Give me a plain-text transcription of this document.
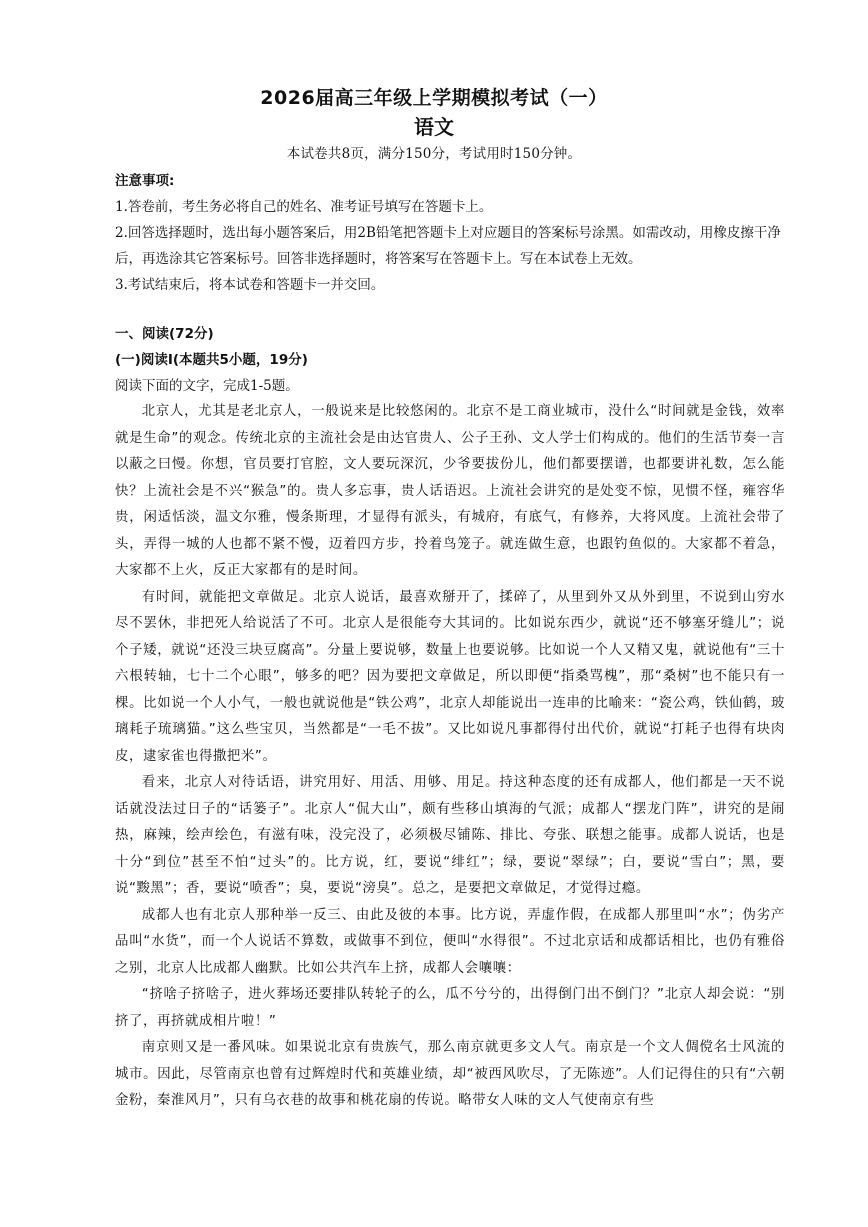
2026届高三年级上学期模拟考试（一）
语文
本试卷共8页，满分150分，考试用时150分钟。

注意事项:

1.答卷前，考生务必将自己的姓名、准考证号填写在答题卡上。

2.回答选择题时，选出每小题答案后，用2B铅笔把答题卡上对应题目的答案标号涂黑。如需改动，用橡皮擦干净后，再选涂其它答案标号。回答非选择题时，将答案写在答题卡上。写在本试卷上无效。

3.考试结束后，将本试卷和答题卡一并交回。

一、阅读(72分)

(一)阅读Ⅰ(本题共5小题，19分)

阅读下面的文字，完成1-5题。

北京人，尤其是老北京人，一般说来是比较悠闲的。北京不是工商业城市，没什么“时间就是金钱，效率就是生命”的观念。传统北京的主流社会是由达官贵人、公子王孙、文人学士们构成的。他们的生活节奏一言以蔽之曰慢。你想，官员要打官腔，文人要玩深沉，少爷要拔份儿，他们都要摆谱，也都要讲礼数，怎么能快？上流社会是不兴“猴急”的。贵人多忘事，贵人话语迟。上流社会讲究的是处变不惊，见惯不怪，雍容华贵，闲适恬淡，温文尔雅，慢条斯理，才显得有派头，有城府，有底气，有修养，大将风度。上流社会带了头，弄得一城的人也都不紧不慢，迈着四方步，拎着鸟笼子。就连做生意，也跟钓鱼似的。大家都不着急，大家都不上火，反正大家都有的是时间。

有时间，就能把文章做足。北京人说话，最喜欢掰开了，揉碎了，从里到外又从外到里，不说到山穷水尽不罢休，非把死人给说活了不可。北京人是很能夸大其词的。比如说东西少，就说“还不够塞牙缝儿”；说个子矮，就说“还没三块豆腐高”。分量上要说够，数量上也要说够。比如说一个人又精又鬼，就说他有“三十六根转轴，七十二个心眼”，够多的吧？因为要把文章做足，所以即便“指桑骂槐”，那“桑树”也不能只有一棵。比如说一个人小气，一般也就说他是“铁公鸡”，北京人却能说出一连串的比喻来：“瓷公鸡，铁仙鹤，玻璃耗子琉璃猫。”这么些宝贝，当然都是“一毛不拔”。又比如说凡事都得付出代价，就说“打耗子也得有块肉皮，逮家雀也得撒把米”。

看来，北京人对待话语，讲究用好、用活、用够、用足。持这种态度的还有成都人，他们都是一天不说话就没法过日子的“话篓子”。北京人“侃大山”，颇有些移山填海的气派；成都人“摆龙门阵”，讲究的是闹热，麻辣，绘声绘色，有滋有味，没完没了，必须极尽铺陈、排比、夸张、联想之能事。成都人说话，也是十分“到位”甚至不怕“过头”的。比方说，红，要说“绯红”；绿，要说“翠绿”；白，要说“雪白”；黑，要说“黢黑”；香，要说“喷香”；臭，要说“滂臭”。总之，是要把文章做足，才觉得过瘾。

成都人也有北京人那种举一反三、由此及彼的本事。比方说，弄虚作假，在成都人那里叫“水”；伪劣产品叫“水货”，而一个人说话不算数，或做事不到位，便叫“水得很”。不过北京话和成都话相比，也仍有雅俗之别，北京人比成都人幽默。比如公共汽车上挤，成都人会嚷嚷：

“挤啥子挤啥子，进火葬场还要排队转轮子的么，瓜不兮兮的，出得倒门出不倒门？”北京人却会说：“别挤了，再挤就成相片啦！”

南京则又是一番风味。如果说北京有贵族气，那么南京就更多文人气。南京是一个文人倜傥名士风流的城市。因此，尽管南京也曾有过辉煌时代和英雄业绩，却“被西风吹尽，了无陈迹”。人们记得住的只有“六朝金粉，秦淮风月”，只有乌衣巷的故事和桃花扇的传说。略带女人味的文人气使南京有些
